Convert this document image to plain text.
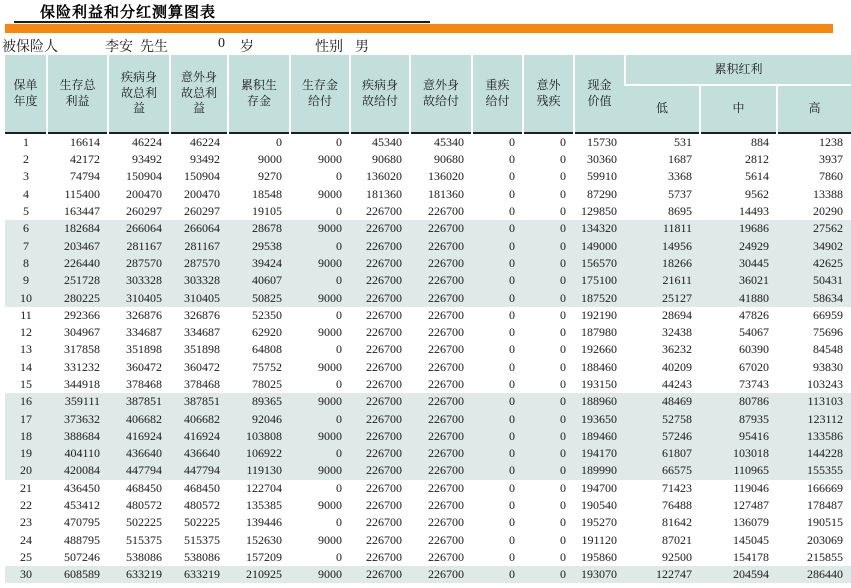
保险利益和分红测算图表
被保险人	李安 先生	0 岁	性别 男
保单年度	生存总利益	疾病身故总利益	意外身故总利益	累积生存金	生存金给付	疾病身故给付	意外身故给付	重疾给付	意外残疾	现金价值	累积红利		
											低	中	高
1	16614	46224	46224	0	0	45340	45340	0	0	15730	531	884	1238
2	42172	93492	93492	9000	9000	90680	90680	0	0	30360	1687	2812	3937
3	74794	150904	150904	9270	0	136020	136020	0	0	59910	3368	5614	7860
4	115400	200470	200470	18548	9000	181360	181360	0	0	87290	5737	9562	13388
5	163447	260297	260297	19105	0	226700	226700	0	0	129850	8695	14493	20290
6	182684	266064	266064	28678	9000	226700	226700	0	0	134320	11811	19686	27562
7	203467	281167	281167	29538	0	226700	226700	0	0	149000	14956	24929	34902
8	226440	287570	287570	39424	9000	226700	226700	0	0	156570	18266	30445	42625
9	251728	303328	303328	40607	0	226700	226700	0	0	175100	21611	36021	50431
10	280225	310405	310405	50825	9000	226700	226700	0	0	187520	25127	41880	58634
11	292366	326876	326876	52350	0	226700	226700	0	0	192190	28694	47826	66959
12	304967	334687	334687	62920	9000	226700	226700	0	0	187980	32438	54067	75696
13	317858	351898	351898	64808	0	226700	226700	0	0	192660	36232	60390	84548
14	331232	360472	360472	75752	9000	226700	226700	0	0	188460	40209	67020	93830
15	344918	378468	378468	78025	0	226700	226700	0	0	193150	44243	73743	103243
16	359111	387851	387851	89365	9000	226700	226700	0	0	188960	48469	80786	113103
17	373632	406682	406682	92046	0	226700	226700	0	0	193650	52758	87935	123112
18	388684	416924	416924	103808	9000	226700	226700	0	0	189460	57246	95416	133586
19	404110	436640	436640	106922	0	226700	226700	0	0	194170	61807	103018	144228
20	420084	447794	447794	119130	9000	226700	226700	0	0	189990	66575	110965	155355
21	436450	468450	468450	122704	0	226700	226700	0	0	194700	71423	119046	166669
22	453412	480572	480572	135385	9000	226700	226700	0	0	190540	76488	127487	178487
23	470795	502225	502225	139446	0	226700	226700	0	0	195270	81642	136079	190515
24	488795	515375	515375	152630	9000	226700	226700	0	0	191120	87021	145045	203069
25	507246	538086	538086	157209	0	226700	226700	0	0	195860	92500	154178	215855
30	608589	633219	633219	210925	9000	226700	226700	0	0	193070	122747	204594	286440
